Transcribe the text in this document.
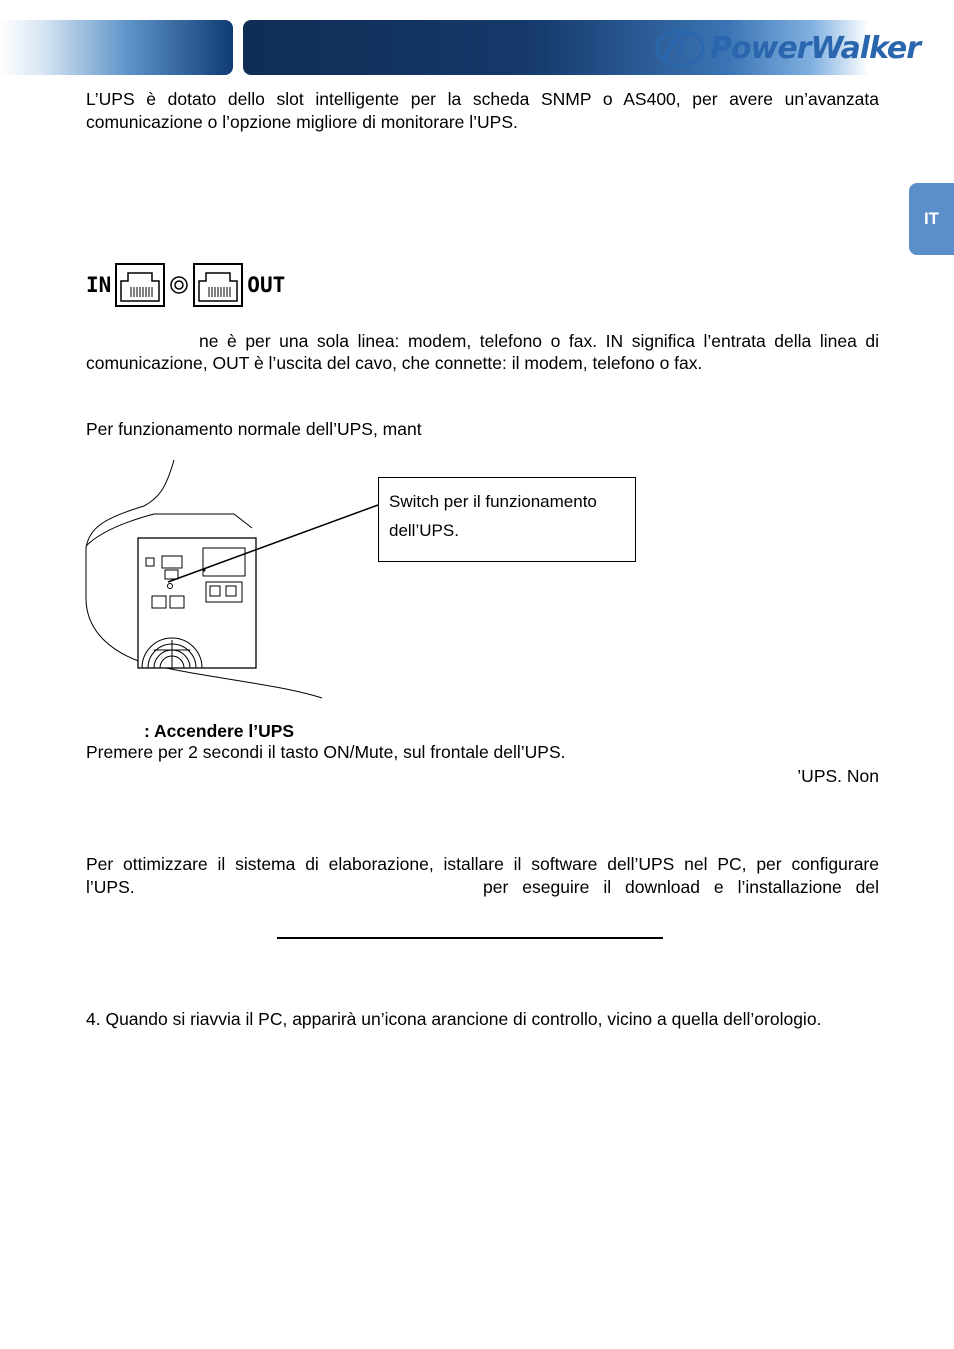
PowerWalker
IT
L’UPS è dotato dello slot intelligente per la scheda SNMP o AS400, per avere un’avanzata comunicazione o l’opzione migliore di monitorare l’UPS.
IN	OUT
ne è per una sola linea: modem, telefono o fax. IN significa l’entrata della linea di
comunicazione, OUT è l’uscita del cavo, che connette: il modem, telefono o fax.
Per funzionamento normale dell’UPS, mant
Switch per il funzionamento
dell’UPS.
: Accendere l’UPS
Premere per 2 secondi il tasto ON/Mute, sul frontale dell’UPS.
’UPS. Non
Per ottimizzare il sistema di elaborazione, istallare il software dell’UPS nel PC, per configurare
l’UPS.	per eseguire il download e l’installazione del
4. Quando si riavvia il PC, apparirà un’icona arancione di controllo, vicino a quella dell’orologio.
